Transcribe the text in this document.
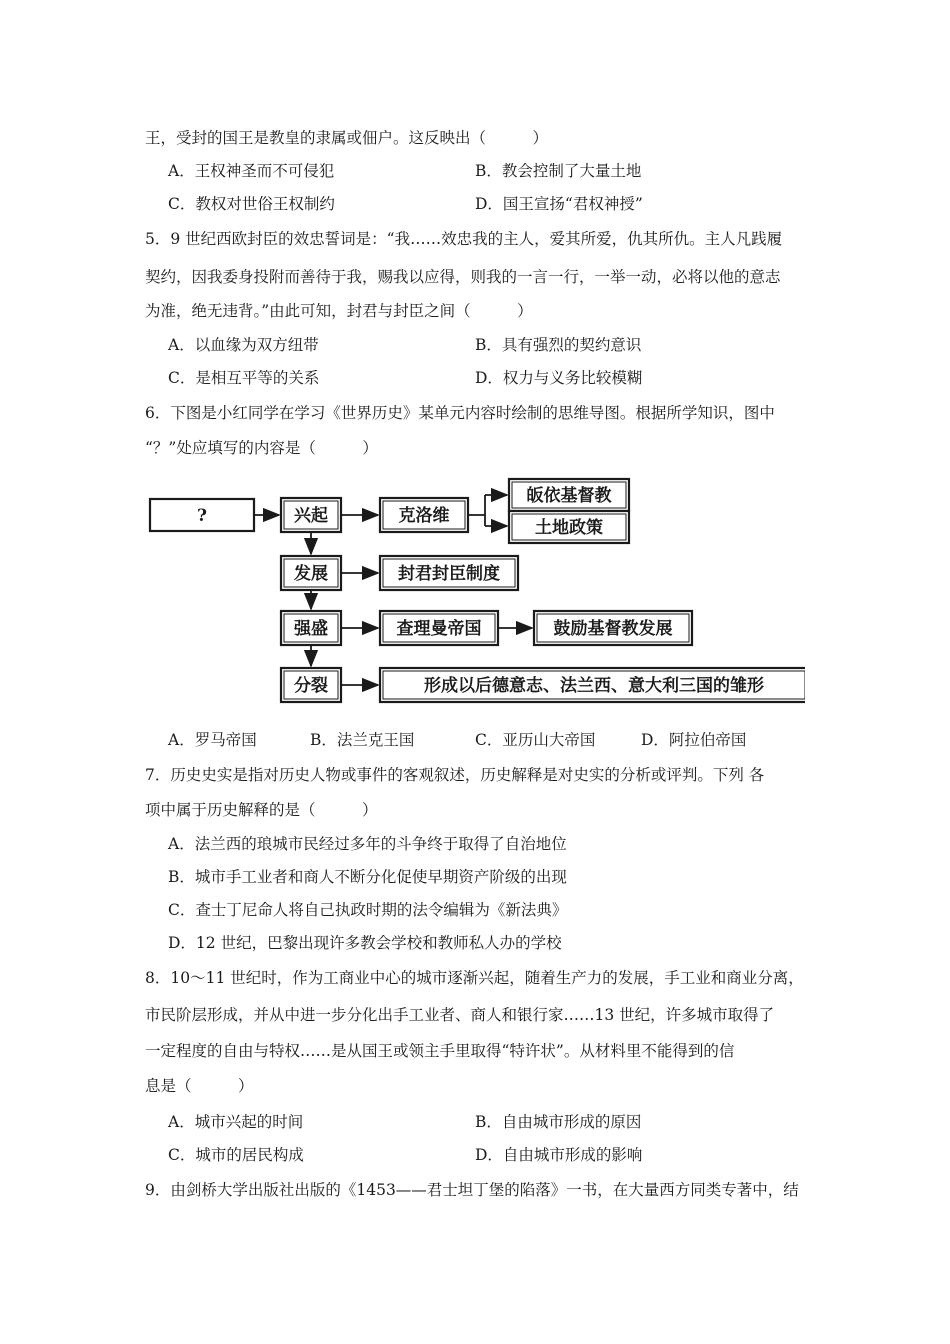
王，受封的国王是教皇的隶属或佃户。这反映出（　　　）
A．王权神圣而不可侵犯	B．教会控制了大量土地
C．教权对世俗王权制约	D．国王宣扬“君权神授”
5．9 世纪西欧封臣的效忠誓词是：“我……效忠我的主人，爱其所爱，仇其所仇。主人凡践履
契约，因我委身投附而善待于我，赐我以应得，则我的一言一行，一举一动，必将以他的意志
为准，绝无违背。”由此可知，封君与封臣之间（　　　）
A．以血缘为双方纽带	B．具有强烈的契约意识
C．是相互平等的关系	D．权力与义务比较模糊
6．下图是小红同学在学习《世界历史》某单元内容时绘制的思维导图。根据所学知识，图中
“？”处应填写的内容是（　　　）
?	兴起	克洛维
皈依基督教
土地政策
发展	封君封臣制度
强盛	查理曼帝国	鼓励基督教发展
分裂	形成以后德意志、法兰西、意大利三国的雏形
A．罗马帝国	B．法兰克王国	C．亚历山大帝国	D．阿拉伯帝国
7．历史史实是指对历史人物或事件的客观叙述，历史解释是对史实的分析或评判。下列 各
项中属于历史解释的是（　　　）
A．法兰西的琅城市民经过多年的斗争终于取得了自治地位
B．城市手工业者和商人不断分化促使早期资产阶级的出现
C．查士丁尼命人将自己执政时期的法令编辑为《新法典》
D．12 世纪，巴黎出现许多教会学校和教师私人办的学校
8．10～11 世纪时，作为工商业中心的城市逐渐兴起，随着生产力的发展，手工业和商业分离，
市民阶层形成，并从中进一步分化出手工业者、商人和银行家……13 世纪，许多城市取得了
一定程度的自由与特权……是从国王或领主手里取得“特许状”。从材料里不能得到的信
息是（　　　）
A．城市兴起的时间	B．自由城市形成的原因
C．城市的居民构成	D．自由城市形成的影响
9．由剑桥大学出版社出版的《1453——君士坦丁堡的陷落》一书，在大量西方同类专著中，结
